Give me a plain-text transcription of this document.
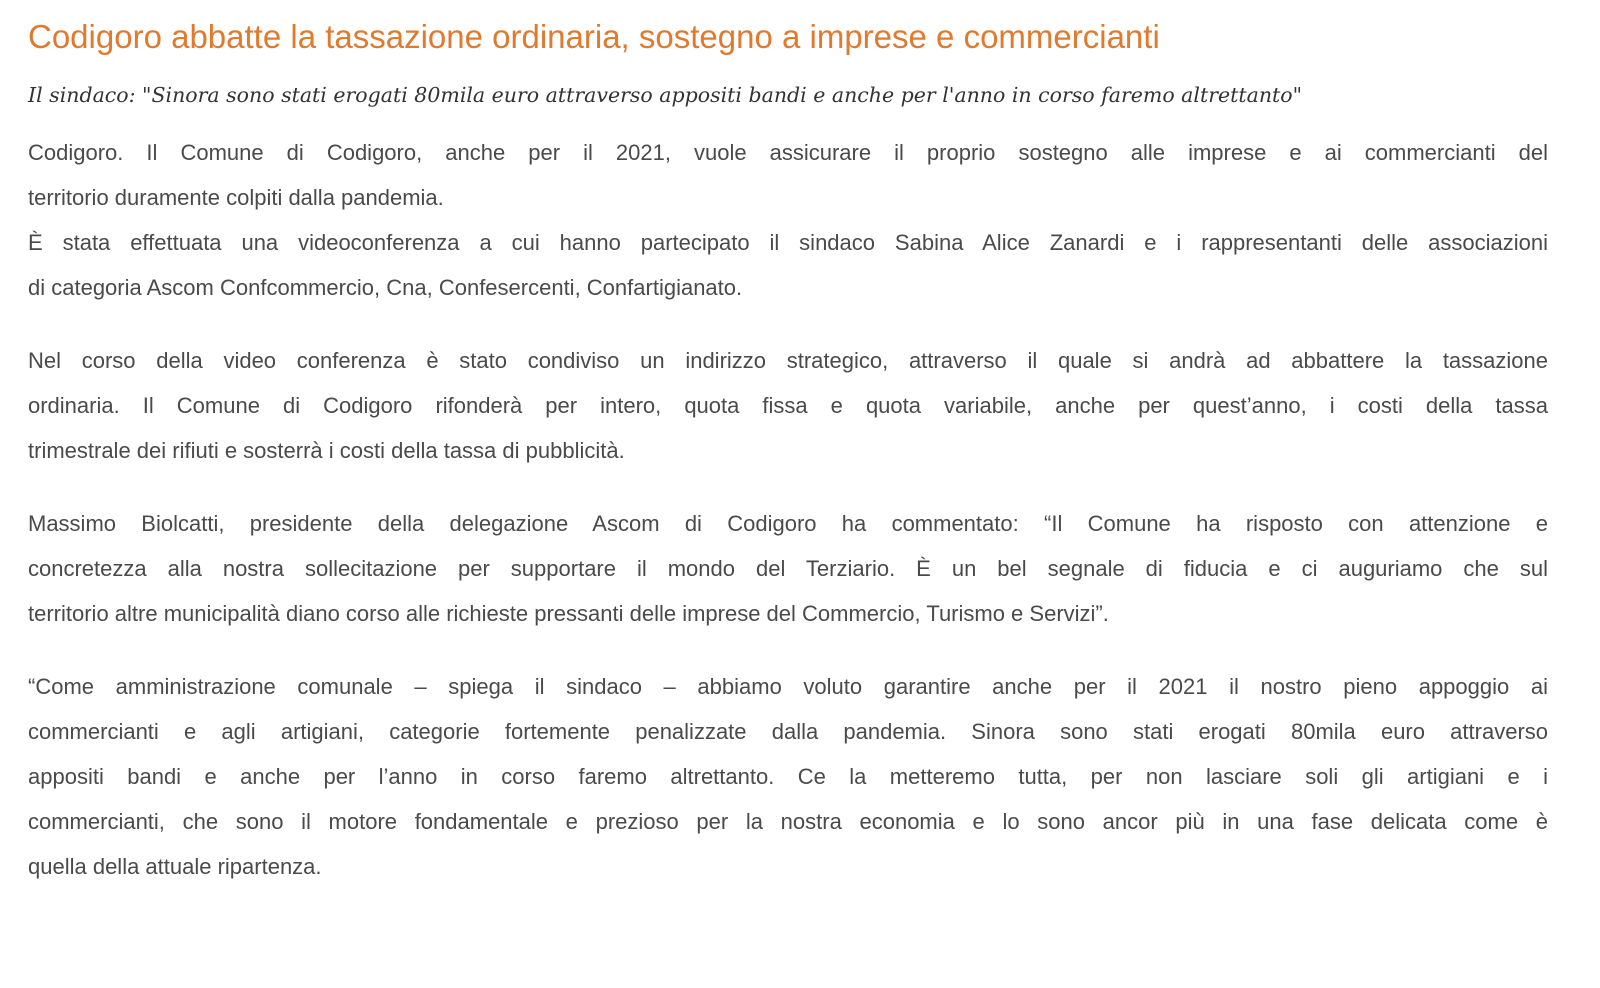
Codigoro abbatte la tassazione ordinaria, sostegno a imprese e commercianti

Il sindaco: "Sinora sono stati erogati 80mila euro attraverso appositi bandi e anche per l'anno in corso faremo altrettanto"

Codigoro. Il Comune di Codigoro, anche per il 2021, vuole assicurare il proprio sostegno alle imprese e ai commercianti del
territorio duramente colpiti dalla pandemia.
È stata effettuata una videoconferenza a cui hanno partecipato il sindaco Sabina Alice Zanardi e i rappresentanti delle associazioni
di categoria Ascom Confcommercio, Cna, Confesercenti, Confartigianato.

Nel corso della video conferenza è stato condiviso un indirizzo strategico, attraverso il quale si andrà ad abbattere la tassazione
ordinaria. Il Comune di Codigoro rifonderà per intero, quota fissa e quota variabile, anche per quest’anno, i costi della tassa
trimestrale dei rifiuti e sosterrà i costi della tassa di pubblicità.

Massimo Biolcatti, presidente della delegazione Ascom di Codigoro ha commentato: “Il Comune ha risposto con attenzione e
concretezza alla nostra sollecitazione per supportare il mondo del Terziario. È un bel segnale di fiducia e ci auguriamo che sul
territorio altre municipalità diano corso alle richieste pressanti delle imprese del Commercio, Turismo e Servizi”.

“Come amministrazione comunale – spiega il sindaco – abbiamo voluto garantire anche per il 2021 il nostro pieno appoggio ai
commercianti e agli artigiani, categorie fortemente penalizzate dalla pandemia. Sinora sono stati erogati 80mila euro attraverso
appositi bandi e anche per l’anno in corso faremo altrettanto. Ce la metteremo tutta, per non lasciare soli gli artigiani e i
commercianti, che sono il motore fondamentale e prezioso per la nostra economia e lo sono ancor più in una fase delicata come è
quella della attuale ripartenza.
